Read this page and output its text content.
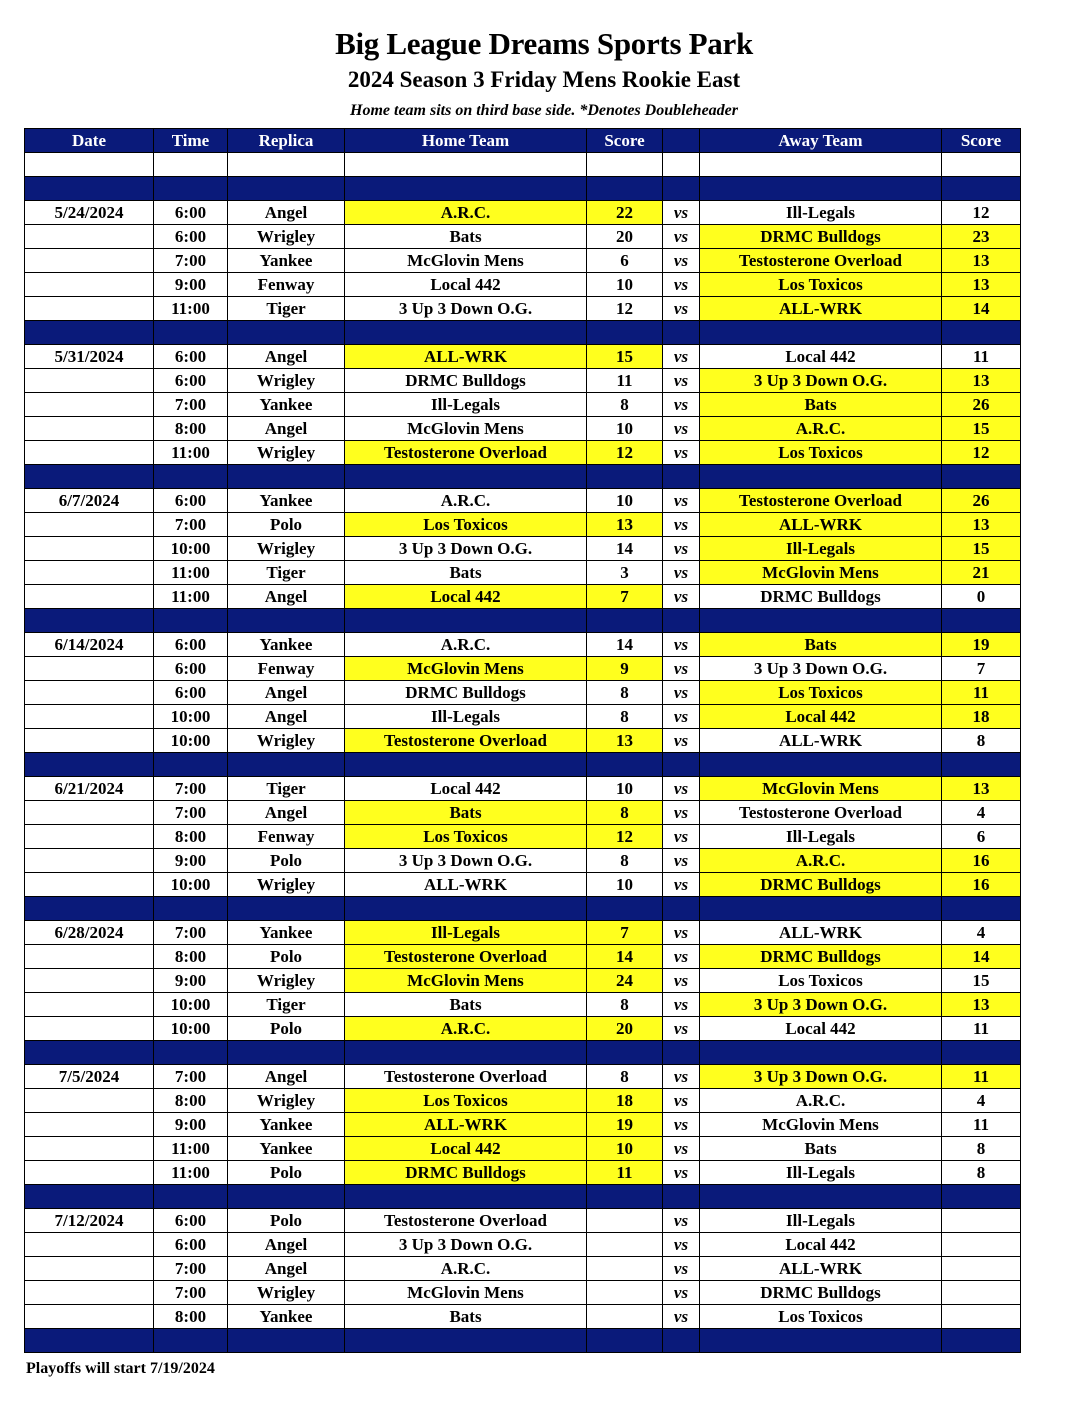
Big League Dreams Sports Park
2024 Season 3 Friday Mens Rookie East
Home team sits on third base side. *Denotes Doubleheader
Date	Time	Replica	Home Team	Score		Away Team	Score

5/24/2024	6:00	Angel	A.R.C.	22	vs	Ill-Legals	12
	6:00	Wrigley	Bats	20	vs	DRMC Bulldogs	23
	7:00	Yankee	McGlovin Mens	6	vs	Testosterone Overload	13
	9:00	Fenway	Local 442	10	vs	Los Toxicos	13
	11:00	Tiger	3 Up 3 Down O.G.	12	vs	ALL-WRK	14

5/31/2024	6:00	Angel	ALL-WRK	15	vs	Local 442	11
	6:00	Wrigley	DRMC Bulldogs	11	vs	3 Up 3 Down O.G.	13
	7:00	Yankee	Ill-Legals	8	vs	Bats	26
	8:00	Angel	McGlovin Mens	10	vs	A.R.C.	15
	11:00	Wrigley	Testosterone Overload	12	vs	Los Toxicos	12

6/7/2024	6:00	Yankee	A.R.C.	10	vs	Testosterone Overload	26
	7:00	Polo	Los Toxicos	13	vs	ALL-WRK	13
	10:00	Wrigley	3 Up 3 Down O.G.	14	vs	Ill-Legals	15
	11:00	Tiger	Bats	3	vs	McGlovin Mens	21
	11:00	Angel	Local 442	7	vs	DRMC Bulldogs	0

6/14/2024	6:00	Yankee	A.R.C.	14	vs	Bats	19
	6:00	Fenway	McGlovin Mens	9	vs	3 Up 3 Down O.G.	7
	6:00	Angel	DRMC Bulldogs	8	vs	Los Toxicos	11
	10:00	Angel	Ill-Legals	8	vs	Local 442	18
	10:00	Wrigley	Testosterone Overload	13	vs	ALL-WRK	8

6/21/2024	7:00	Tiger	Local 442	10	vs	McGlovin Mens	13
	7:00	Angel	Bats	8	vs	Testosterone Overload	4
	8:00	Fenway	Los Toxicos	12	vs	Ill-Legals	6
	9:00	Polo	3 Up 3 Down O.G.	8	vs	A.R.C.	16
	10:00	Wrigley	ALL-WRK	10	vs	DRMC Bulldogs	16

6/28/2024	7:00	Yankee	Ill-Legals	7	vs	ALL-WRK	4
	8:00	Polo	Testosterone Overload	14	vs	DRMC Bulldogs	14
	9:00	Wrigley	McGlovin Mens	24	vs	Los Toxicos	15
	10:00	Tiger	Bats	8	vs	3 Up 3 Down O.G.	13
	10:00	Polo	A.R.C.	20	vs	Local 442	11

7/5/2024	7:00	Angel	Testosterone Overload	8	vs	3 Up 3 Down O.G.	11
	8:00	Wrigley	Los Toxicos	18	vs	A.R.C.	4
	9:00	Yankee	ALL-WRK	19	vs	McGlovin Mens	11
	11:00	Yankee	Local 442	10	vs	Bats	8
	11:00	Polo	DRMC Bulldogs	11	vs	Ill-Legals	8

7/12/2024	6:00	Polo	Testosterone Overload		vs	Ill-Legals	
	6:00	Angel	3 Up 3 Down O.G.		vs	Local 442	
	7:00	Angel	A.R.C.		vs	ALL-WRK	
	7:00	Wrigley	McGlovin Mens		vs	DRMC Bulldogs	
	8:00	Yankee	Bats		vs	Los Toxicos	

Playoffs will start 7/19/2024
